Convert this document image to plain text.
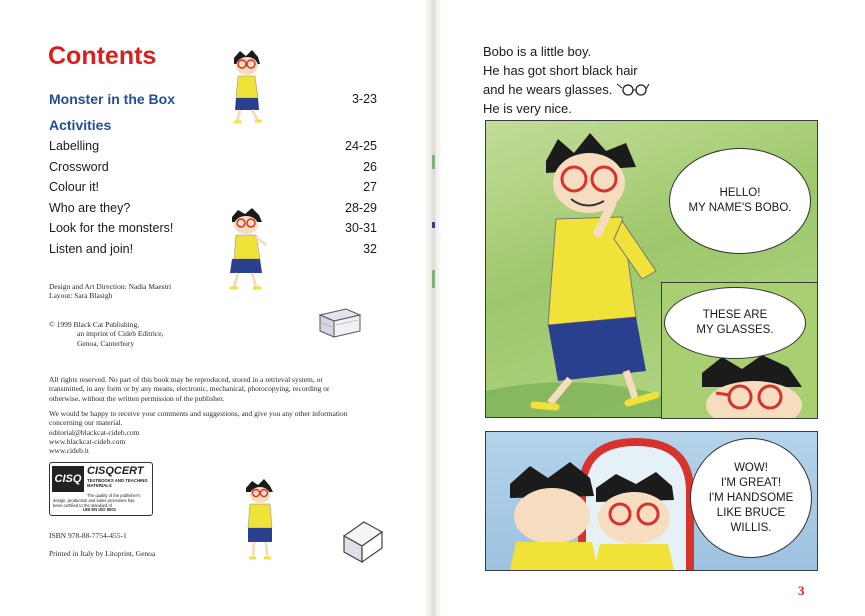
Contents
Monster in the Box	3-23
Activities
Labelling	24-25
Crossword	26
Colour it!	27
Who are they?	28-29
Look for the monsters!	30-31
Listen and join!	32
Design and Art Direction: Nadia Maestri
Layout: Sara Blasigh
© 1999 Black Cat Publishing,
an imprint of Cideb Editrice,
Genoa, Canterbury
All rights reserved. No part of this book may be reproduced, stored in a retrieval system, or
transmitted, in any form or by any means, electronic, mechanical, photocopying, recording or
otherwise, without the written permission of the publisher.
We would be happy to receive your comments and suggestions, and give you any other information
concerning our material.
editorial@blackcat-cideb.com
www.blackcat-cideb.com
www.cideb.it
CISQ
CISQCERT
TEXTBOOKS AND TEACHING MATERIALS
The quality of the publisher's
design, production and sales processes has
been certified to the standard of
UNI EN ISO 9001
ISBN 978-88-7754-455-1
Printed in Italy by Litoprint, Genoa
Bobo is a little boy.
He has got short black hair
and he wears glasses.
He is very nice.
HELLO!
MY NAME'S BOBO.
THESE ARE
MY GLASSES.
WOW!
I'M GREAT!
I'M HANDSOME
LIKE BRUCE
WILLIS.
3
